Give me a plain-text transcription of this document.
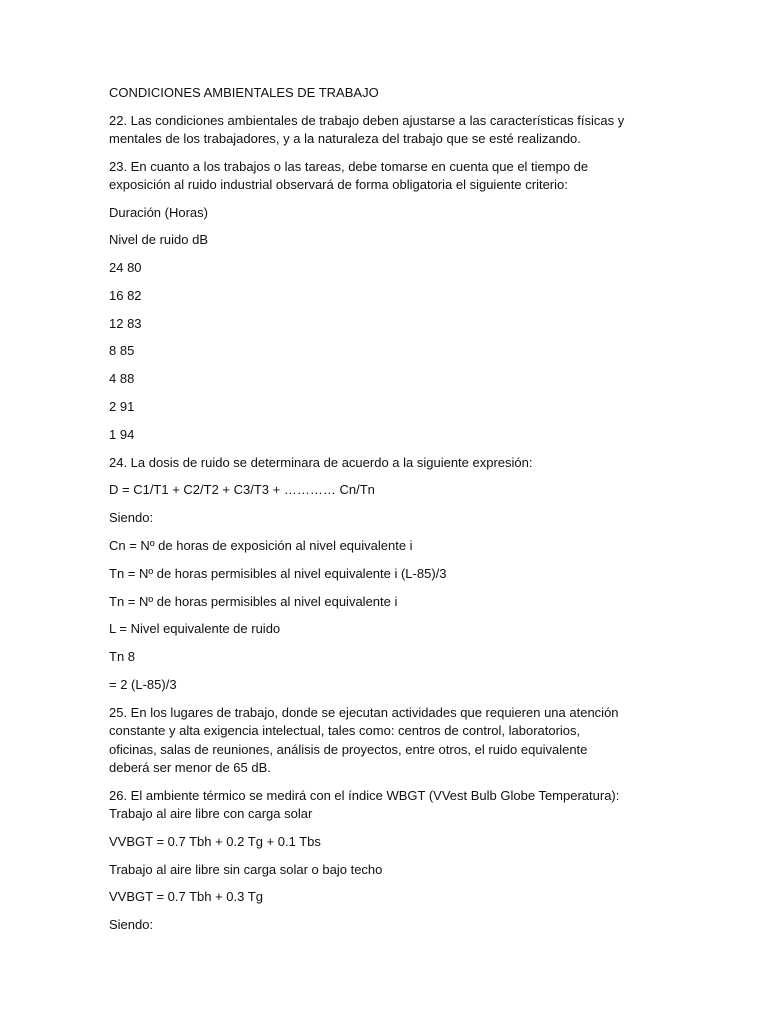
CONDICIONES AMBIENTALES DE TRABAJO

22. Las condiciones ambientales de trabajo deben ajustarse a las características físicas y mentales de los trabajadores, y a la naturaleza del trabajo que se esté realizando.

23. En cuanto a los trabajos o las tareas, debe tomarse en cuenta que el tiempo de exposición al ruido industrial observará de forma obligatoria el siguiente criterio:

Duración (Horas)

Nivel de ruido dB

24 80

16 82

12 83

8 85

4 88

2 91

1 94

24. La dosis de ruido se determinara de acuerdo a la siguiente expresión:

D = C1/T1 + C2/T2 + C3/T3 + ………… Cn/Tn

Siendo:

Cn = Nº de horas de exposición al nivel equivalente i

Tn = Nº de horas permisibles al nivel equivalente i (L-85)/3

Tn = Nº de horas permisibles al nivel equivalente i

L = Nivel equivalente de ruido

Tn 8

= 2 (L-85)/3

25. En los lugares de trabajo, donde se ejecutan actividades que requieren una atención constante y alta exigencia intelectual, tales como: centros de control, laboratorios, oficinas, salas de reuniones, análisis de proyectos, entre otros, el ruido equivalente deberá ser menor de 65 dB.

26. El ambiente térmico se medirá con el índice WBGT (VVest Bulb Globe Temperatura): Trabajo al aire libre con carga solar

VVBGT = 0.7 Tbh + 0.2 Tg + 0.1 Tbs

Trabajo al aire libre sin carga solar o bajo techo

VVBGT = 0.7 Tbh + 0.3 Tg

Siendo:
